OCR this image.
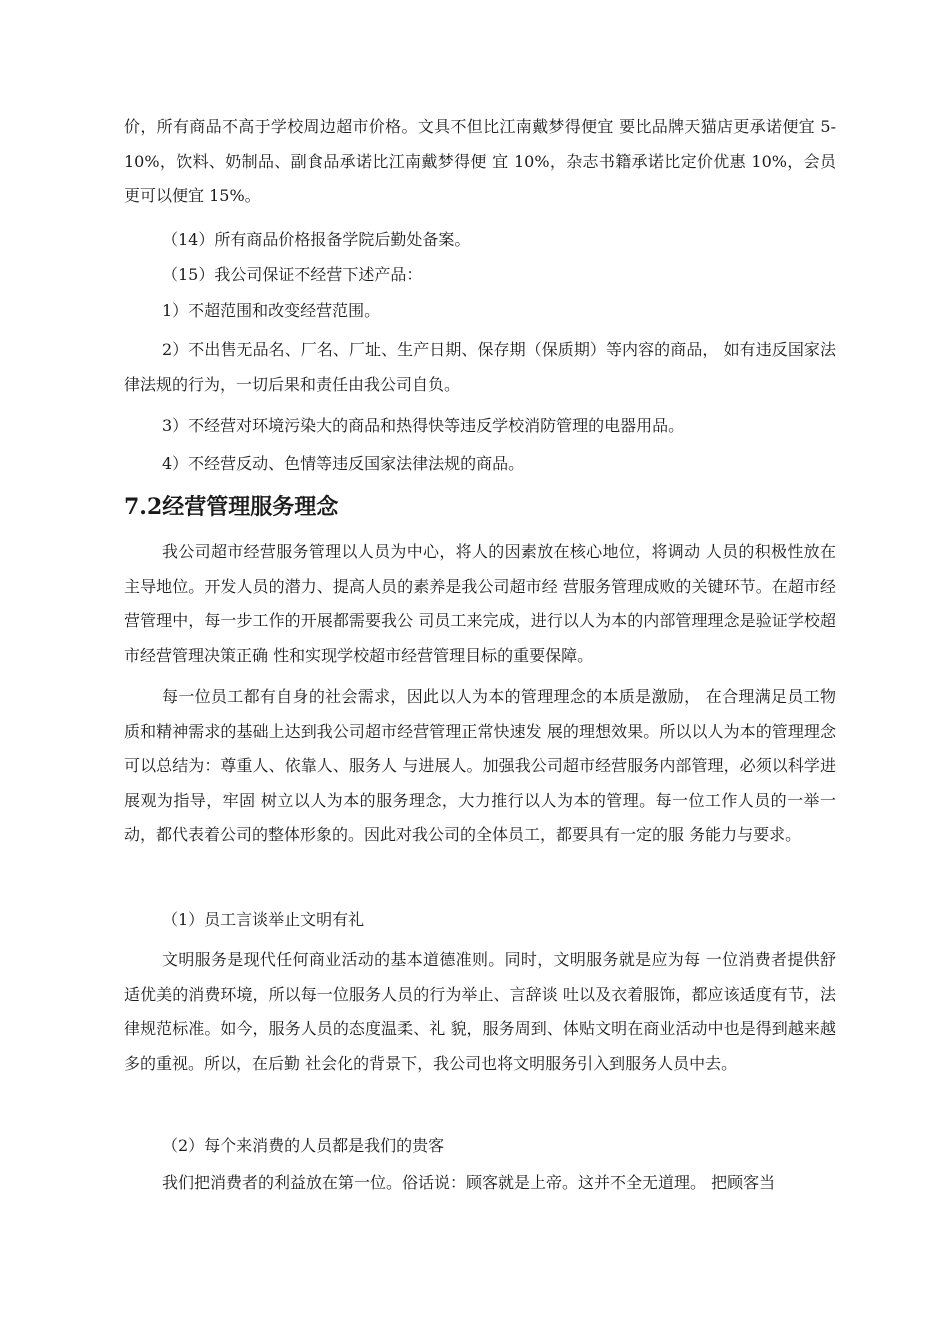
价，所有商品不高于学校周边超市价格。文具不但比江南戴梦得便宜 要比品牌天猫店更承诺便宜 5-10%，饮料、奶制品、副食品承诺比江南戴梦得便 宜 10%，杂志书籍承诺比定价优惠 10%，会员更可以便宜 15%。

（14）所有商品价格报备学院后勤处备案。

（15）我公司保证不经营下述产品：

1）不超范围和改变经营范围。

2）不出售无品名、厂名、厂址、生产日期、保存期（保质期）等内容的商品， 如有违反国家法律法规的行为，一切后果和责任由我公司自负。

3）不经营对环境污染大的商品和热得快等违反学校消防管理的电器用品。

4）不经营反动、色情等违反国家法律法规的商品。

7.2经营管理服务理念

我公司超市经营服务管理以人员为中心，将人的因素放在核心地位，将调动 人员的积极性放在主导地位。开发人员的潜力、提高人员的素养是我公司超市经 营服务管理成败的关键环节。在超市经营管理中，每一步工作的开展都需要我公 司员工来完成，进行以人为本的内部管理理念是验证学校超市经营管理决策正确 性和实现学校超市经营管理目标的重要保障。

每一位员工都有自身的社会需求，因此以人为本的管理理念的本质是激励， 在合理满足员工物质和精神需求的基础上达到我公司超市经营管理正常快速发 展的理想效果。所以以人为本的管理理念可以总结为：尊重人、依靠人、服务人 与进展人。加强我公司超市经营服务内部管理，必须以科学进展观为指导，牢固 树立以人为本的服务理念，大力推行以人为本的管理。每一位工作人员的一举一 动，都代表着公司的整体形象的。因此对我公司的全体员工，都要具有一定的服 务能力与要求。

（1）员工言谈举止文明有礼

文明服务是现代任何商业活动的基本道德准则。同时，文明服务就是应为每 一位消费者提供舒适优美的消费环境，所以每一位服务人员的行为举止、言辞谈 吐以及衣着服饰，都应该适度有节，法律规范标准。如今，服务人员的态度温柔、礼 貌，服务周到、体贴文明在商业活动中也是得到越来越多的重视。所以，在后勤 社会化的背景下，我公司也将文明服务引入到服务人员中去。

（2）每个来消费的人员都是我们的贵客

我们把消费者的利益放在第一位。俗话说：顾客就是上帝。这并不全无道理。 把顾客当
